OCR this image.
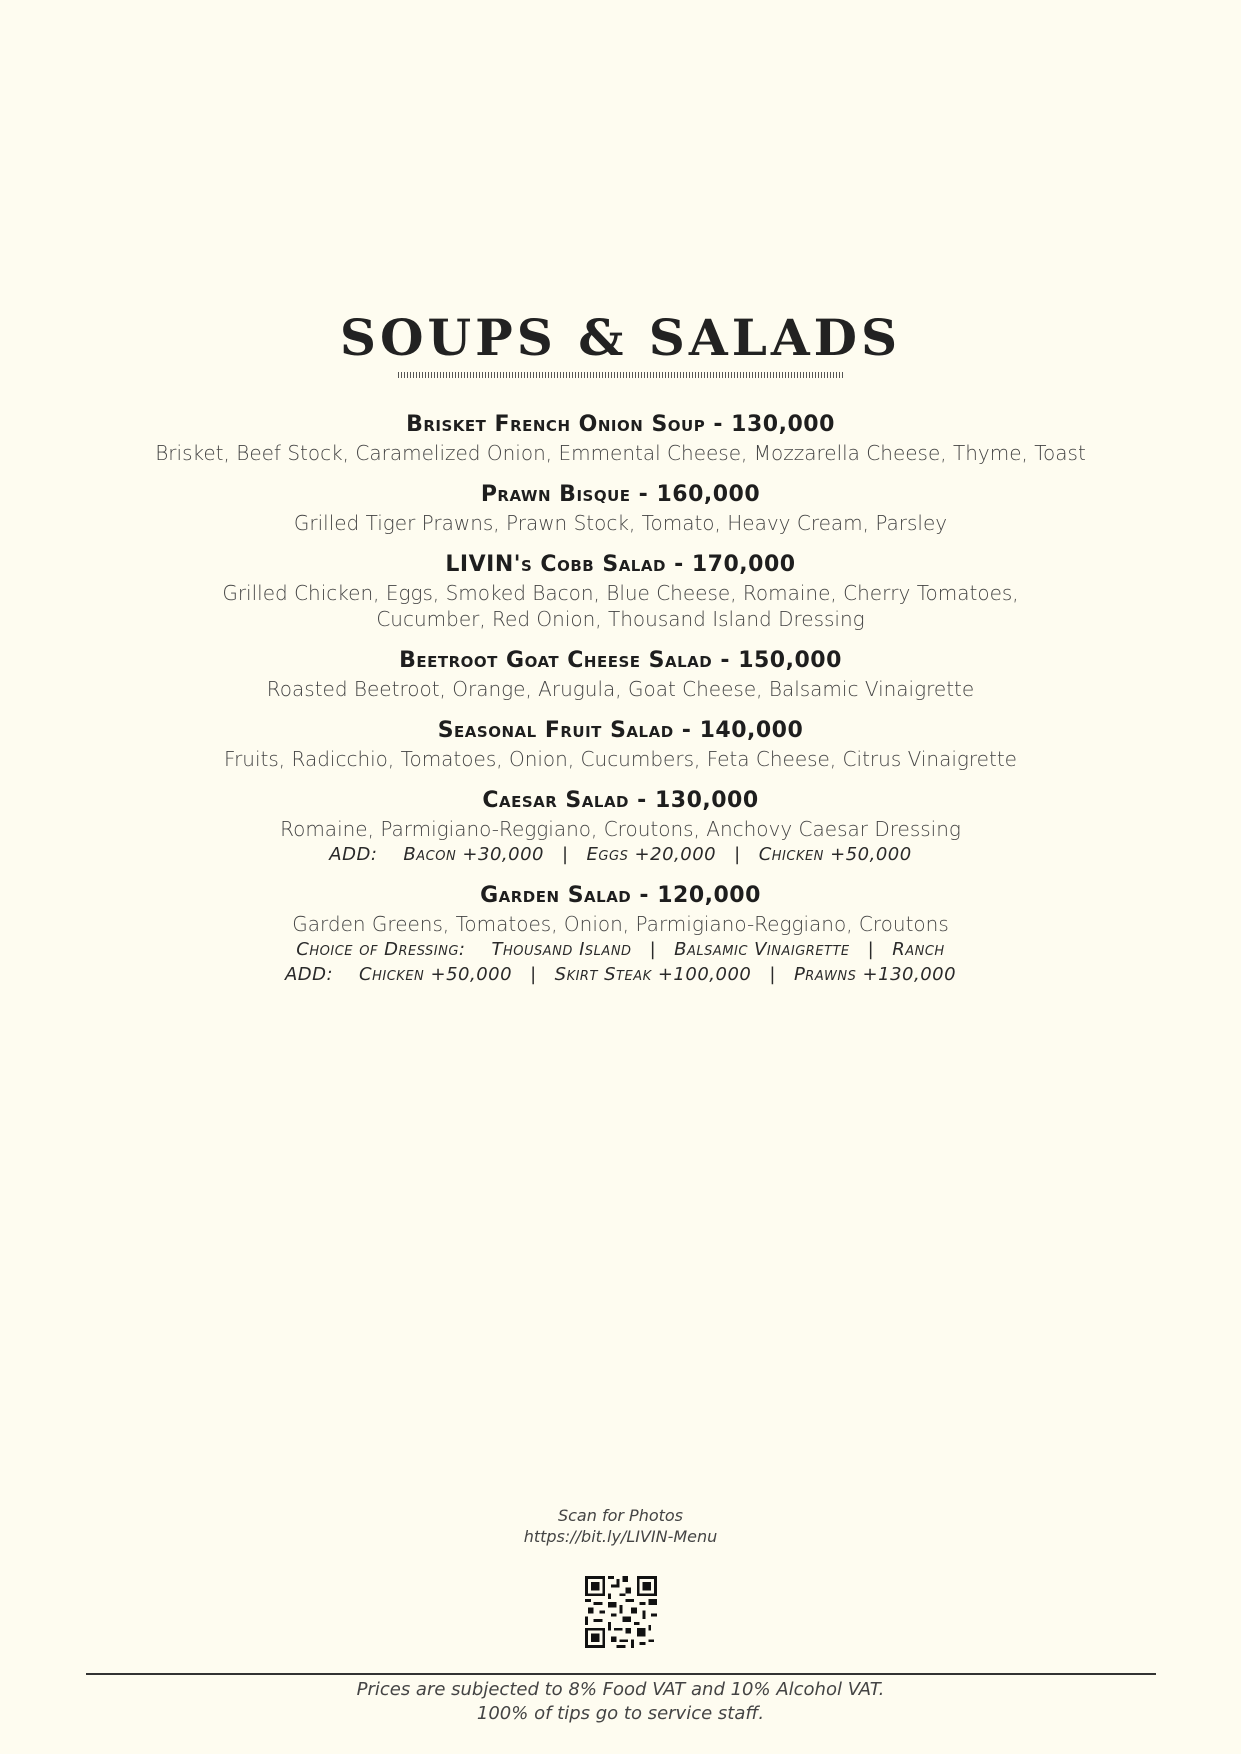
SOUPS & SALADS
Brisket French Onion Soup - 130,000
Brisket, Beef Stock, Caramelized Onion, Emmental Cheese, Mozzarella Cheese, Thyme, Toast
Prawn Bisque - 160,000
Grilled Tiger Prawns, Prawn Stock, Tomato, Heavy Cream, Parsley
LIVIN's Cobb Salad - 170,000
Grilled Chicken, Eggs, Smoked Bacon, Blue Cheese, Romaine, Cherry Tomatoes,
Cucumber, Red Onion, Thousand Island Dressing
Beetroot Goat Cheese Salad - 150,000
Roasted Beetroot, Orange, Arugula, Goat Cheese, Balsamic Vinaigrette
Seasonal Fruit Salad - 140,000
Fruits, Radicchio, Tomatoes, Onion, Cucumbers, Feta Cheese, Citrus Vinaigrette
Caesar Salad - 130,000
Romaine, Parmigiano-Reggiano, Croutons, Anchovy Caesar Dressing
ADD: Bacon +30,000 | Eggs +20,000 | Chicken +50,000
Garden Salad - 120,000
Garden Greens, Tomatoes, Onion, Parmigiano-Reggiano, Croutons
Choice of Dressing: Thousand Island | Balsamic Vinaigrette | Ranch
ADD: Chicken +50,000 | Skirt Steak +100,000 | Prawns +130,000
Scan for Photos
https://bit.ly/LIVIN-Menu
Prices are subjected to 8% Food VAT and 10% Alcohol VAT.
100% of tips go to service staff.
